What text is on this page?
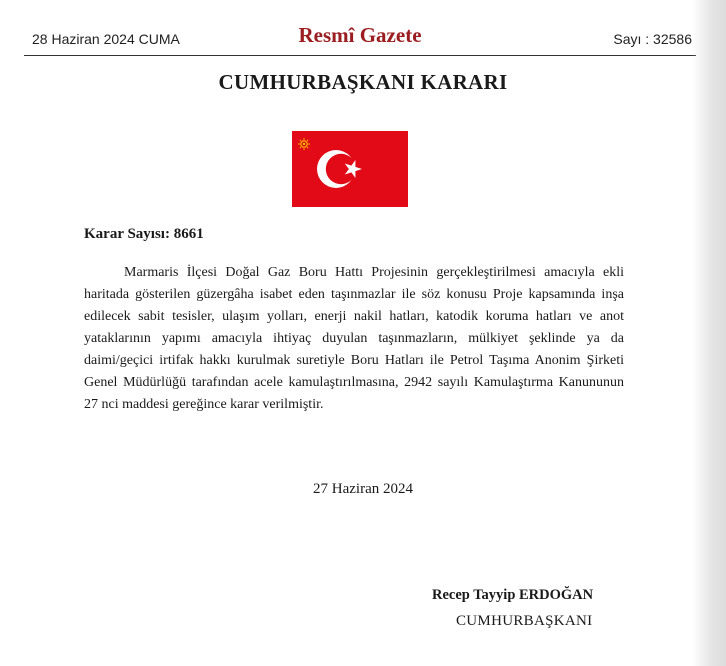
28 Haziran 2024 CUMA	Resmî Gazete	Sayı : 32586
CUMHURBAŞKANI KARARI
Karar Sayısı: 8661
Marmaris İlçesi Doğal Gaz Boru Hattı Projesinin gerçekleştirilmesi amacıyla ekli haritada gösterilen güzergâha isabet eden taşınmazlar ile söz konusu Proje kapsamında inşa edilecek sabit tesisler, ulaşım yolları, enerji nakil hatları, katodik koruma hatları ve anot yataklarının yapımı amacıyla ihtiyaç duyulan taşınmazların, mülkiyet şeklinde ya da daimi/geçici irtifak hakkı kurulmak suretiyle Boru Hatları ile Petrol Taşıma Anonim Şirketi Genel Müdürlüğü tarafından acele kamulaştırılmasına, 2942 sayılı Kamulaştırma Kanununun 27 nci maddesi gereğince karar verilmiştir.
27 Haziran 2024
Recep Tayyip ERDOĞAN
CUMHURBAŞKANI
